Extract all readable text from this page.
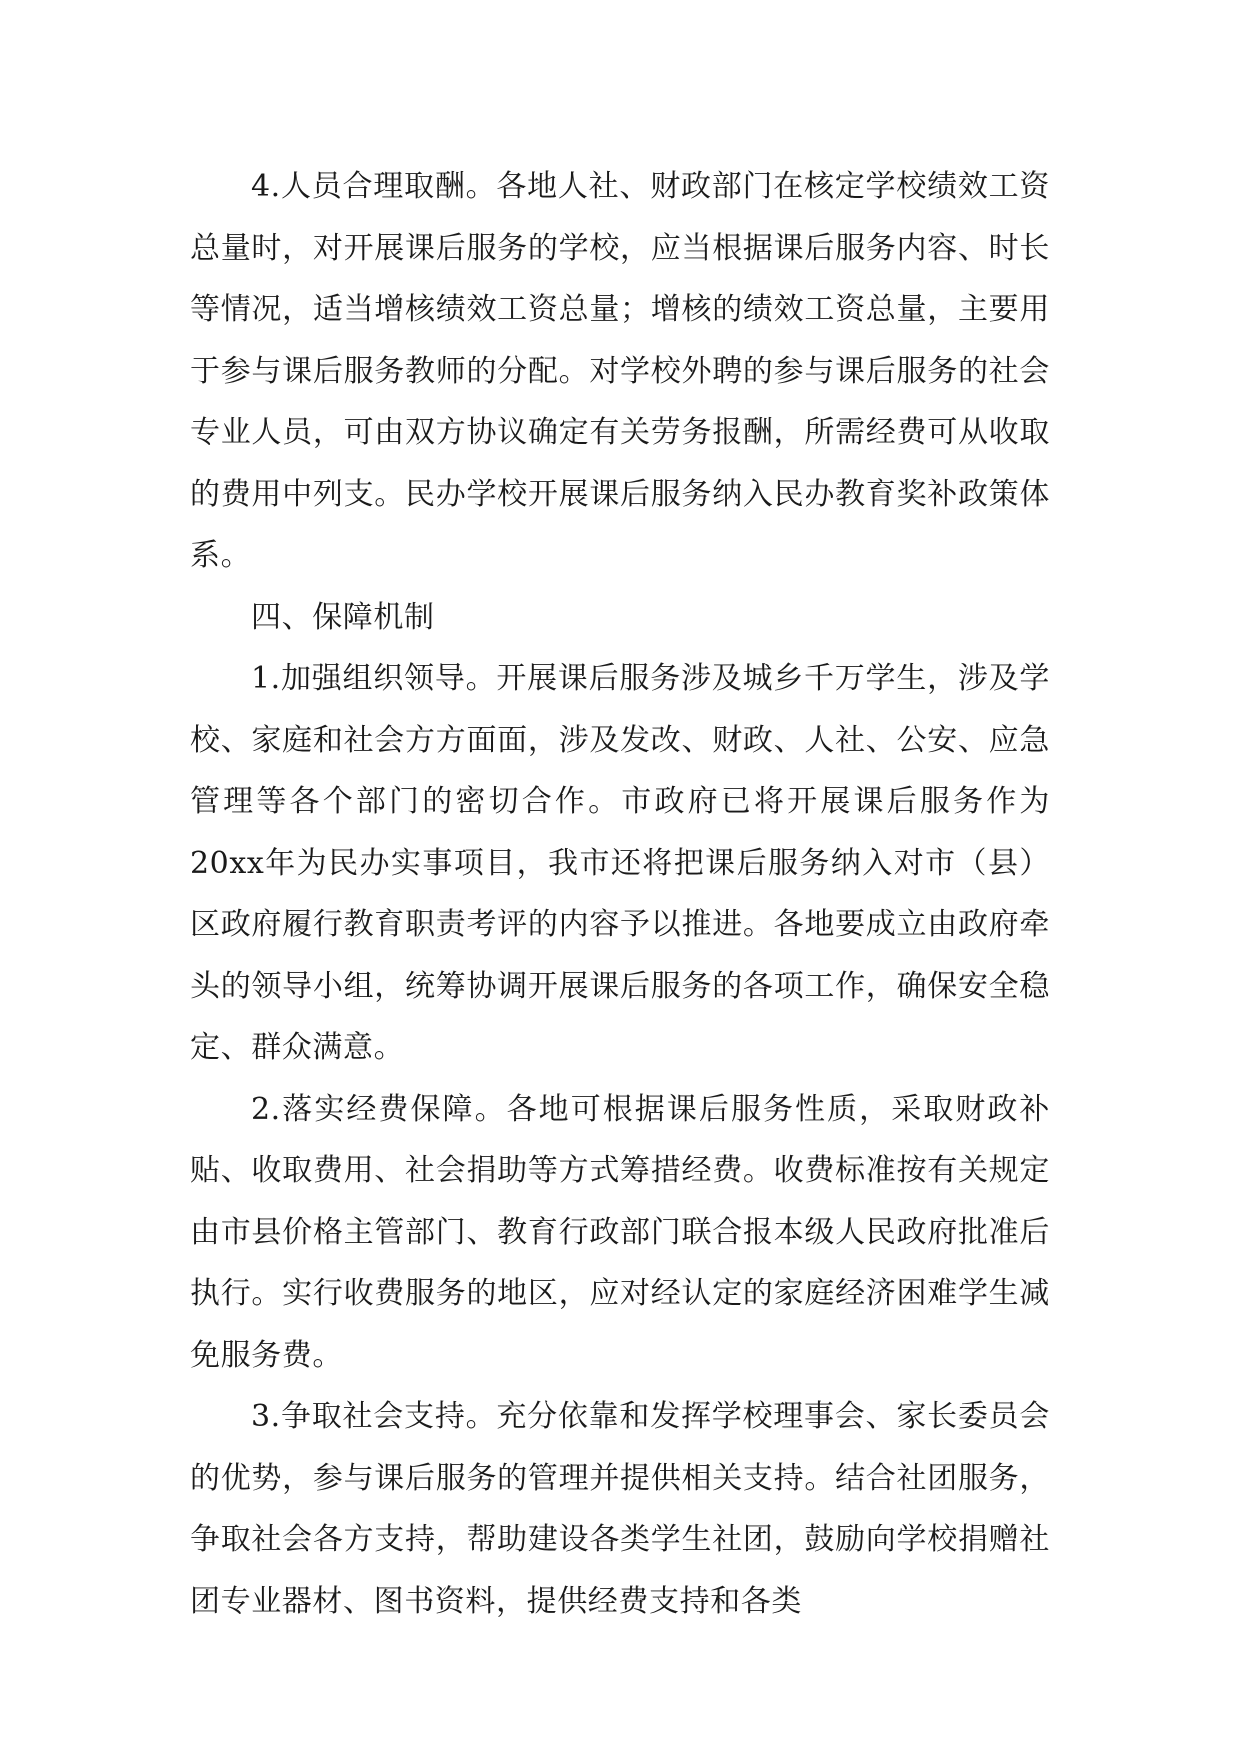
4.人员合理取酬。各地人社、财政部门在核定学校绩效工资总量时，对开展课后服务的学校，应当根据课后服务内容、时长等情况，适当增核绩效工资总量；增核的绩效工资总量，主要用于参与课后服务教师的分配。对学校外聘的参与课后服务的社会专业人员，可由双方协议确定有关劳务报酬，所需经费可从收取的费用中列支。民办学校开展课后服务纳入民办教育奖补政策体系。

四、保障机制

1.加强组织领导。开展课后服务涉及城乡千万学生，涉及学校、家庭和社会方方面面，涉及发改、财政、人社、公安、应急管理等各个部门的密切合作。市政府已将开展课后服务作为20xx年为民办实事项目，我市还将把课后服务纳入对市（县）区政府履行教育职责考评的内容予以推进。各地要成立由政府牵头的领导小组，统筹协调开展课后服务的各项工作，确保安全稳定、群众满意。

2.落实经费保障。各地可根据课后服务性质，采取财政补贴、收取费用、社会捐助等方式筹措经费。收费标准按有关规定由市县价格主管部门、教育行政部门联合报本级人民政府批准后执行。实行收费服务的地区，应对经认定的家庭经济困难学生减免服务费。

3.争取社会支持。充分依靠和发挥学校理事会、家长委员会的优势，参与课后服务的管理并提供相关支持。结合社团服务，争取社会各方支持，帮助建设各类学生社团，鼓励向学校捐赠社团专业器材、图书资料，提供经费支持和各类
